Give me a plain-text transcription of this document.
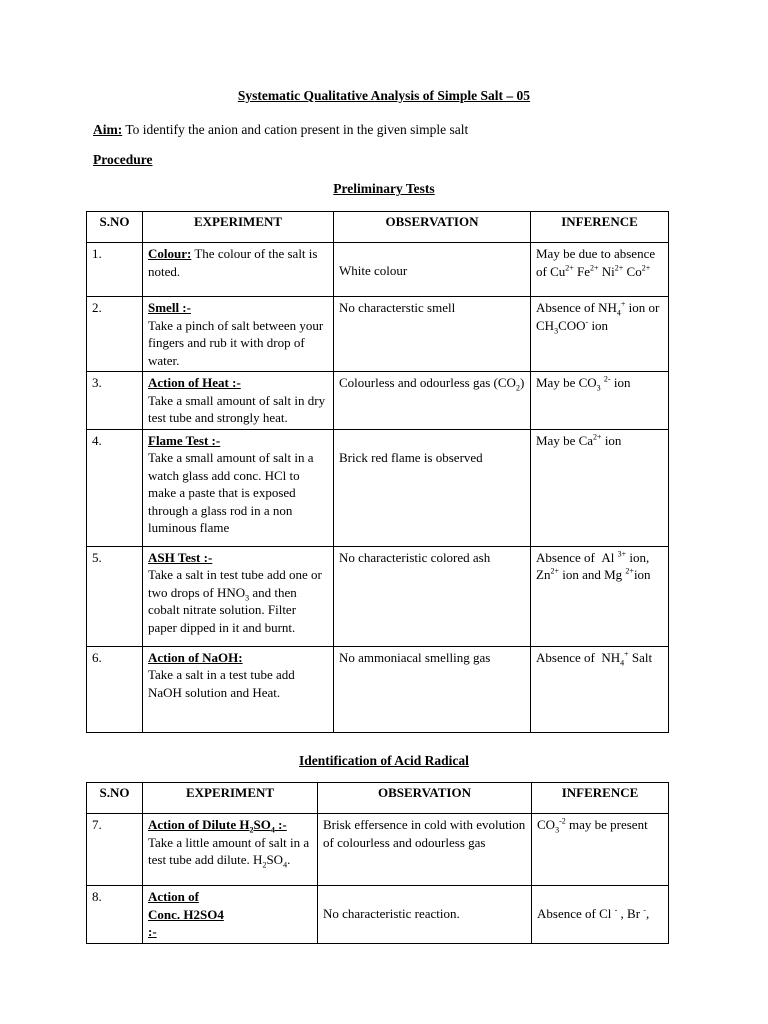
Systematic Qualitative Analysis of Simple Salt – 05
Aim: To identify the anion and cation present in the given simple salt
Procedure
Preliminary Tests
S.NO	EXPERIMENT	OBSERVATION	INFERENCE
1.	Colour: The colour of the salt is noted.	White colour	May be due to absence of $Cu^{2+}$ $Fe^{2+}$ $Ni^{2+}$ $Co^{2+}$
2.	Smell :-
Take a pinch of salt between your fingers and rub it with drop of water.	No characterstic smell	Absence of $NH_4^+$ ion or $CH_3COO^-$ ion
3.	Action of Heat :-
Take a small amount of salt in dry test tube and strongly heat.	Colourless and odourless gas $(CO_2)$	May be $CO_3$ $^{2-}$ ion
4.	Flame Test :-
Take a small amount of salt in a watch glass add conc. HCl to make a paste that is exposed through a glass rod in a non luminous flame	Brick red flame is observed	May be $Ca^{2+}$ ion
5.	ASH Test :-
Take a salt in test tube add one or two drops of $HNO_3$ and then cobalt nitrate solution. Filter paper dipped in it and burnt.	No characteristic colored ash	Absence of  Al $^{3+}$ ion, $Zn^{2+}$ ion and Mg $^{2+}$ion
6.	Action of NaOH:
Take a salt in a test tube add NaOH solution and Heat.	No ammoniacal smelling gas	Absence of  $NH_4^+$ Salt
Identification of Acid Radical
S.NO	EXPERIMENT	OBSERVATION	INFERENCE
7.	Action of Dilute $H_2SO_4$ :-
Take a little amount of salt in a test tube add dilute. $H_2SO_4$.	Brisk effersence in cold with evolution of colourless and odourless gas	$CO_3^{-2}$ may be present
8.	Action of Conc. H2SO4 :-	No characteristic reaction.	Absence of Cl - , Br -,
